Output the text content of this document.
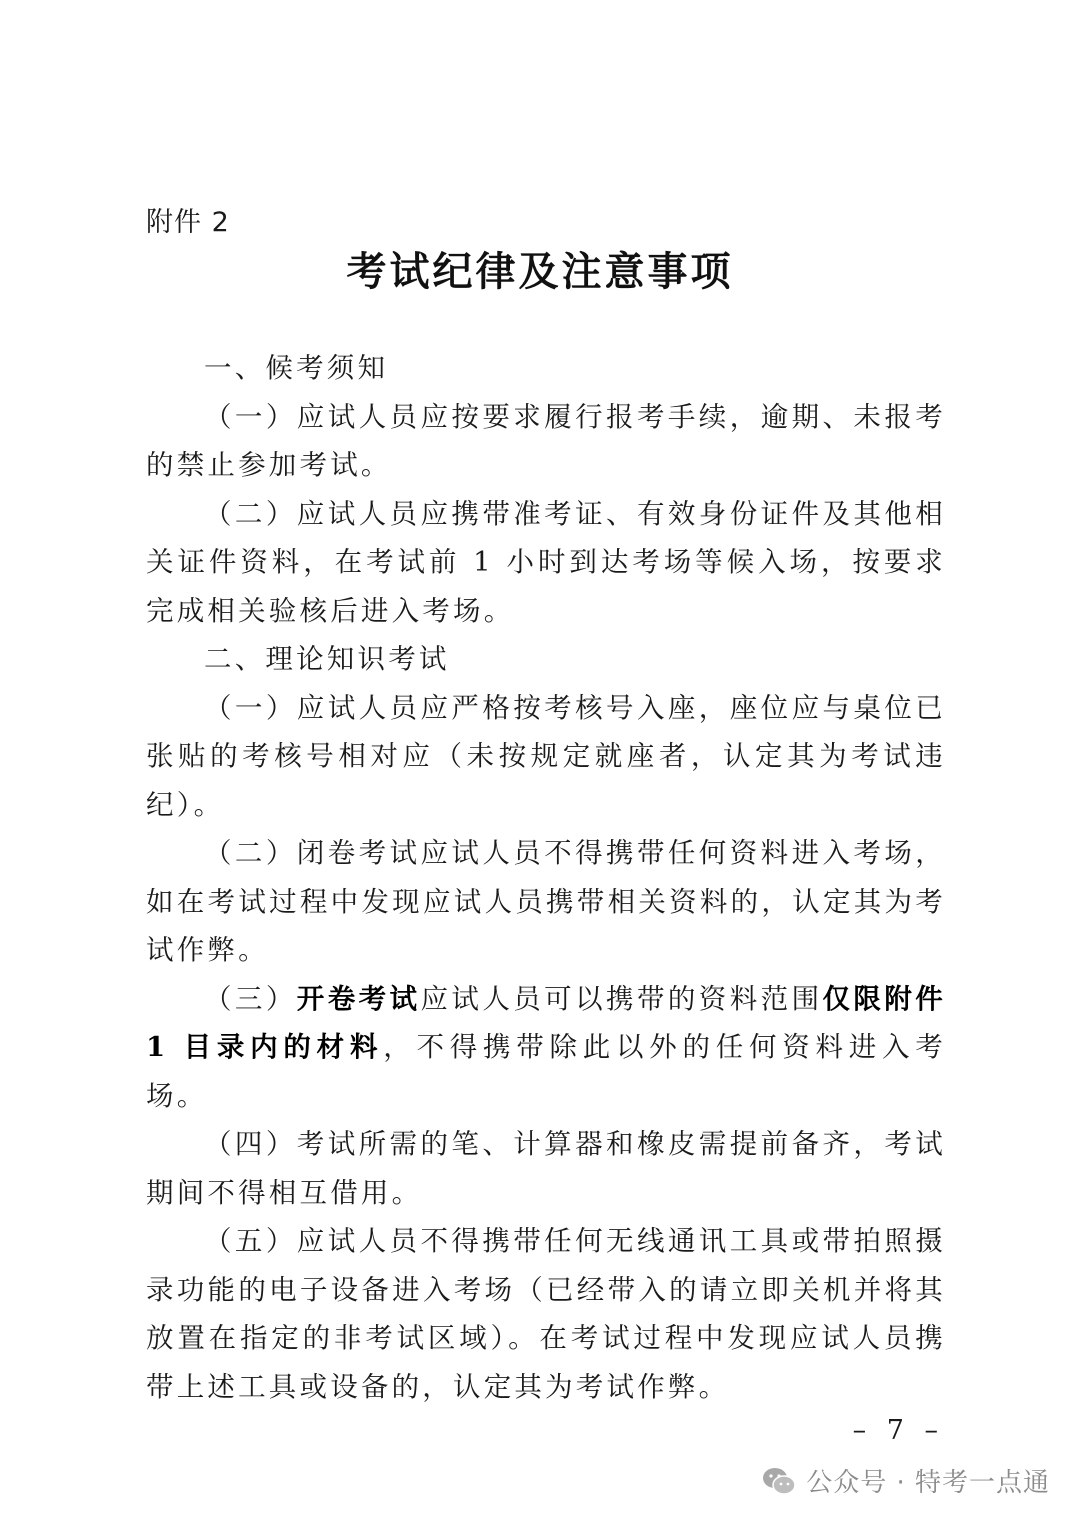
附件 2
考试纪律及注意事项

一、候考须知

（一）应试人员应按要求履行报考手续，逾期、未报考的禁止参加考试。

（二）应试人员应携带准考证、有效身份证件及其他相关证件资料，在考试前 1 小时到达考场等候入场，按要求完成相关验核后进入考场。

二、理论知识考试

（一）应试人员应严格按考核号入座，座位应与桌位已张贴的考核号相对应（未按规定就座者，认定其为考试违纪）。

（二）闭卷考试应试人员不得携带任何资料进入考场，如在考试过程中发现应试人员携带相关资料的，认定其为考试作弊。

（三）开卷考试应试人员可以携带的资料范围仅限附件 1 目录内的材料，不得携带除此以外的任何资料进入考场。

（四）考试所需的笔、计算器和橡皮需提前备齐，考试期间不得相互借用。

（五）应试人员不得携带任何无线通讯工具或带拍照摄录功能的电子设备进入考场（已经带入的请立即关机并将其放置在指定的非考试区域）。在考试过程中发现应试人员携带上述工具或设备的，认定其为考试作弊。

– 7 –
公众号 · 特考一点通
